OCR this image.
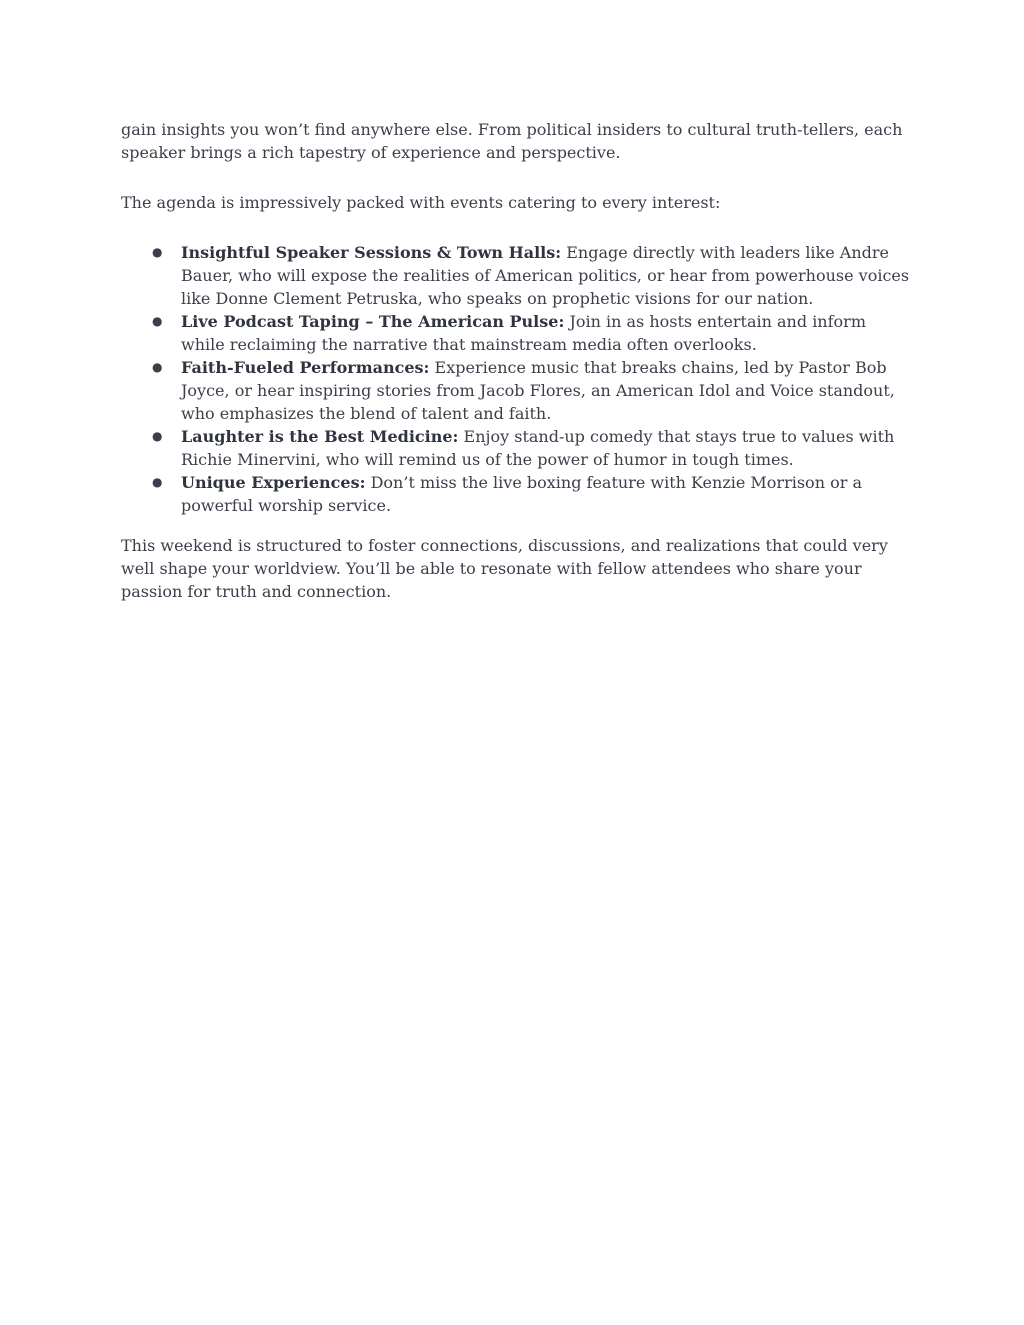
gain insights you won’t find anywhere else. From political insiders to cultural truth-tellers, each speaker brings a rich tapestry of experience and perspective.

The agenda is impressively packed with events catering to every interest:

● Insightful Speaker Sessions & Town Halls: Engage directly with leaders like Andre Bauer, who will expose the realities of American politics, or hear from powerhouse voices like Donne Clement Petruska, who speaks on prophetic visions for our nation.
● Live Podcast Taping – The American Pulse: Join in as hosts entertain and inform while reclaiming the narrative that mainstream media often overlooks.
● Faith-Fueled Performances: Experience music that breaks chains, led by Pastor Bob Joyce, or hear inspiring stories from Jacob Flores, an American Idol and Voice standout, who emphasizes the blend of talent and faith.
● Laughter is the Best Medicine: Enjoy stand-up comedy that stays true to values with Richie Minervini, who will remind us of the power of humor in tough times.
● Unique Experiences: Don’t miss the live boxing feature with Kenzie Morrison or a powerful worship service.

This weekend is structured to foster connections, discussions, and realizations that could very well shape your worldview. You’ll be able to resonate with fellow attendees who share your passion for truth and connection.
